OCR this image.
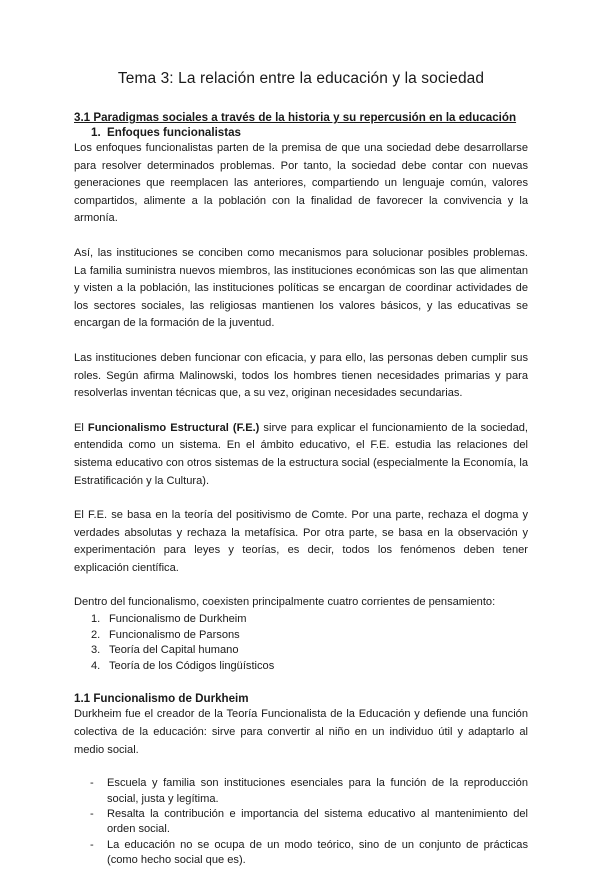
Tema 3: La relación entre la educación y la sociedad
3.1 Paradigmas sociales a través de la historia y su repercusión en la educación
1. Enfoques funcionalistas

Los enfoques funcionalistas parten de la premisa de que una sociedad debe desarrollarse para resolver determinados problemas. Por tanto, la sociedad debe contar con nuevas generaciones que reemplacen las anteriores, compartiendo un lenguaje común, valores compartidos, alimente a la población con la finalidad de favorecer la convivencia y la armonía.

Así, las instituciones se conciben como mecanismos para solucionar posibles problemas. La familia suministra nuevos miembros, las instituciones económicas son las que alimentan y visten a la población, las instituciones políticas se encargan de coordinar actividades de los sectores sociales, las religiosas mantienen los valores básicos, y las educativas se encargan de la formación de la juventud.

Las instituciones deben funcionar con eficacia, y para ello, las personas deben cumplir sus roles. Según afirma Malinowski, todos los hombres tienen necesidades primarias y para resolverlas inventan técnicas que, a su vez, originan necesidades secundarias.

El Funcionalismo Estructural (F.E.) sirve para explicar el funcionamiento de la sociedad, entendida como un sistema. En el ámbito educativo, el F.E. estudia las relaciones del sistema educativo con otros sistemas de la estructura social (especialmente la Economía, la Estratificación y la Cultura).

El F.E. se basa en la teoría del positivismo de Comte. Por una parte, rechaza el dogma y verdades absolutas y rechaza la metafísica. Por otra parte, se basa en la observación y experimentación para leyes y teorías, es decir, todos los fenómenos deben tener explicación científica.

Dentro del funcionalismo, coexisten principalmente cuatro corrientes de pensamiento:

1. Funcionalismo de Durkheim
2. Funcionalismo de Parsons
3. Teoría del Capital humano
4. Teoría de los Códigos lingüísticos
1.1 Funcionalismo de Durkheim

Durkheim fue el creador de la Teoría Funcionalista de la Educación y defiende una función colectiva de la educación: sirve para convertir al niño en un individuo útil y adaptarlo al medio social.

-	Escuela y familia son instituciones esenciales para la función de la reproducción social, justa y legítima.
-	Resalta la contribución e importancia del sistema educativo al mantenimiento del orden social.
-	La educación no se ocupa de un modo teórico, sino de un conjunto de prácticas (como hecho social que es).
